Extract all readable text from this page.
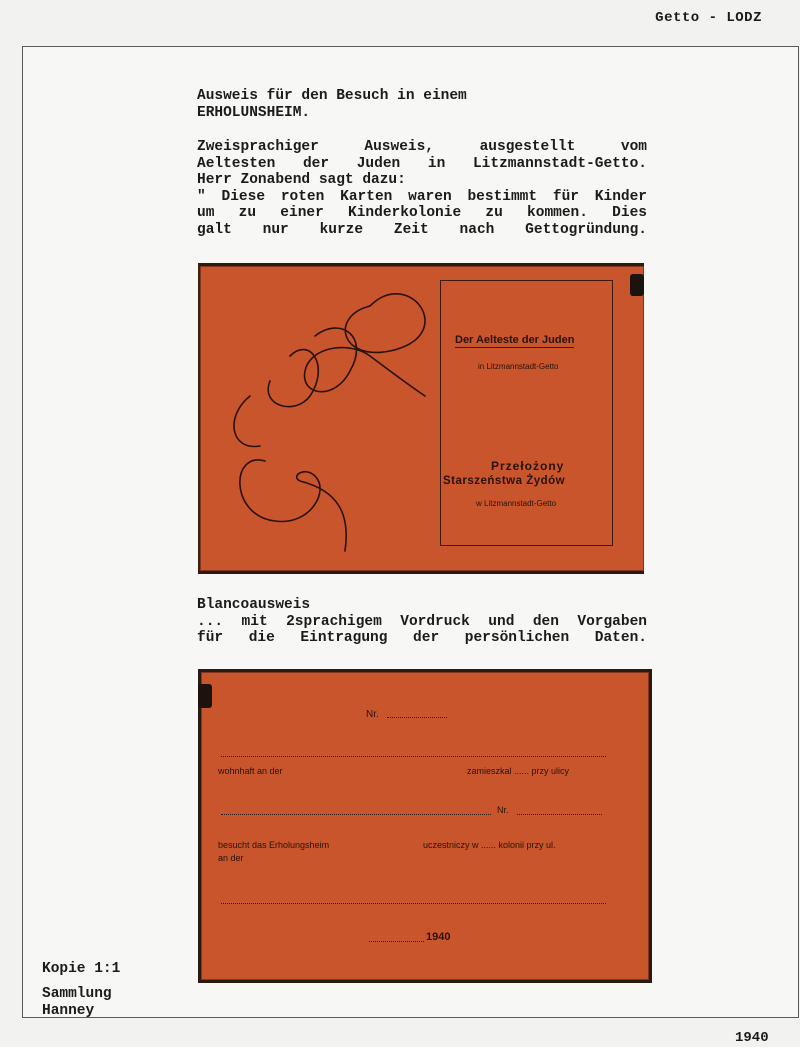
Getto - LODZ

Ausweis für den Besuch in einem

ERHOLUNSHEIM.

Zweisprachiger Ausweis, ausgestellt vom

Aeltesten der Juden in Litzmannstadt-Getto.

Herr Zonabend sagt dazu:

" Diese roten Karten waren bestimmt für Kinder

um zu einer Kinderkolonie zu kommen. Dies

galt nur kurze Zeit nach Gettogründung.

Der Aelteste der Juden
in Litzmannstadt-Getto
Przełożony
Starszeństwa Żydów
w Litzmannstadt-Getto

Blancoausweis

... mit 2sprachigem Vordruck und den Vorgaben

für die Eintragung der persönlichen Daten.

Nr.
wohnhaft an der	zamieszkal ...... przy ulicy
Nr.
besucht das Erholungsheim
an der
uczestniczy w ...... kolonii przy ul.
1940

Kopie 1:1

Sammlung

Hanney

1940
